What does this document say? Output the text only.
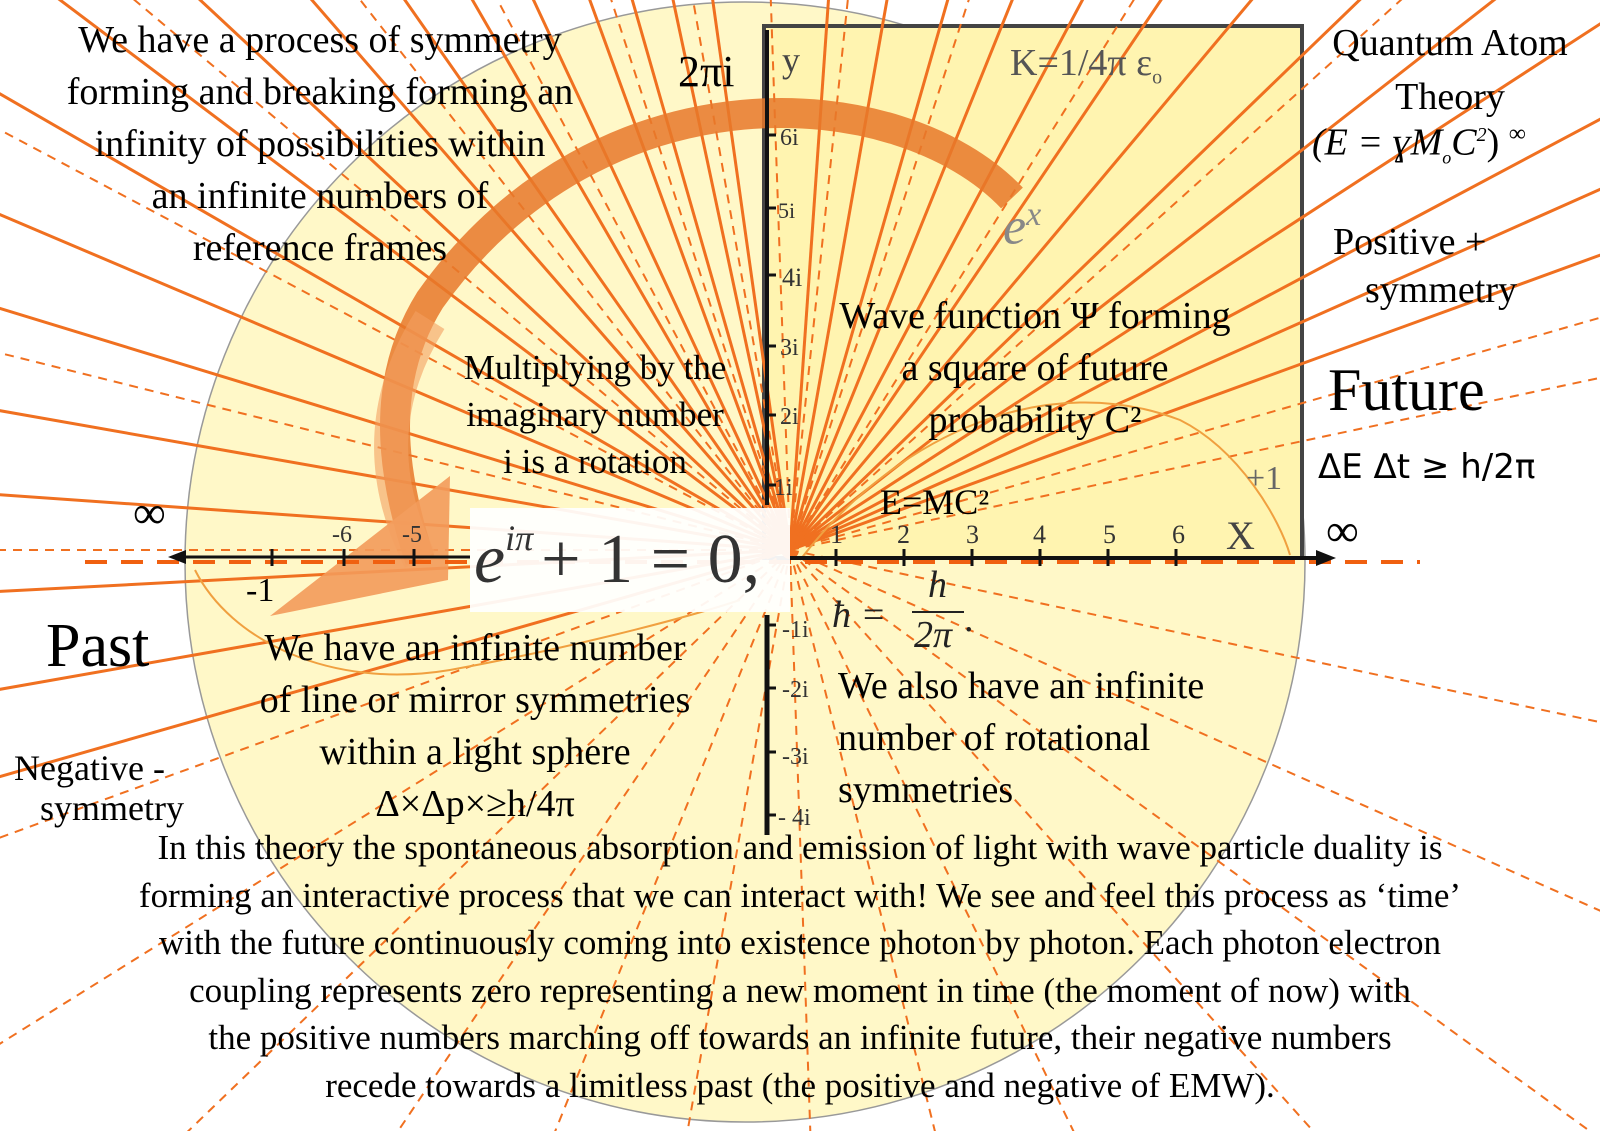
$e^{i\pi} + 1 = 0$,
We have a process of symmetry
forming and breaking forming an
infinity of possibilities within
an infinite numbers of
reference frames
2πi y	K=1/4π $\varepsilon_o$
Quantum Atom
Theory
$(E = ɣM_oC^2)$ ∞
$e^x$
Positive +
symmetry
Wave function Ψ forming
a square of future
probability C²
Multiplying by the
imaginary number
i is a rotation
Future
ΔE Δt ≥ h/2π
+1
E=MC²
X
∞	∞
-6 -5	1 2 3 4 5 6
6i
5i
4i
3i
2i
1i
-1i
-2i
-3i
- 4i
ħ =
h
2π .
Past
-1
We have an infinite number
of line or mirror symmetries
within a light sphere
Δ×Δp×≥h/4π
We also have an infinite
number of rotational
symmetries
Negative -
symmetry
In this theory the spontaneous absorption and emission of light with wave particle duality is
forming an interactive process that we can interact with! We see and feel this process as ‘time’
with the future continuously coming into existence photon by photon. Each photon electron
coupling represents zero representing a new moment in time (the moment of now) with
the positive numbers marching off towards an infinite future, their negative numbers
recede towards a limitless past (the positive and negative of EMW).
